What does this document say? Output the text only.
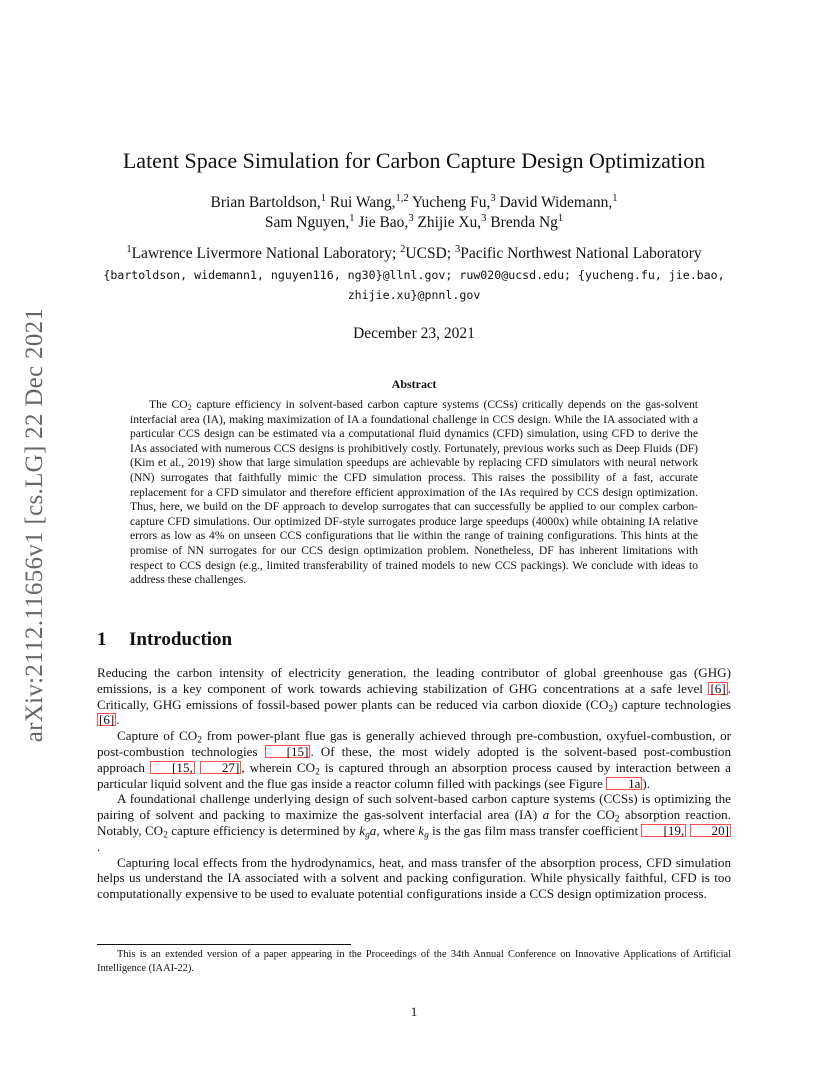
arXiv:2112.11656v1 [cs.LG] 22 Dec 2021
Latent Space Simulation for Carbon Capture Design Optimization
Brian Bartoldson,$^1$ Rui Wang,$^{1,2}$ Yucheng Fu,$^3$ David Widemann,$^1$
Sam Nguyen,$^1$ Jie Bao,$^3$ Zhijie Xu,$^3$ Brenda Ng$^1$
$^1$Lawrence Livermore National Laboratory; $^2$UCSD; $^3$Pacific Northwest National Laboratory
{bartoldson, widemann1, nguyen116, ng30}@llnl.gov; ruw020@ucsd.edu; {yucheng.fu, jie.bao,
zhijie.xu}@pnnl.gov
December 23, 2021
Abstract
The $CO_2$ capture efficiency in solvent-based carbon capture systems (CCSs) critically depends on the gas-solvent interfacial area (IA), making maximization of IA a foundational challenge in CCS design. While the IA associated with a particular CCS design can be estimated via a computational fluid dynamics (CFD) simulation, using CFD to derive the IAs associated with numerous CCS designs is prohibitively costly. Fortunately, previous works such as Deep Fluids (DF) (Kim et al., 2019) show that large simulation speedups are achievable by replacing CFD simulators with neural network (NN) surrogates that faithfully mimic the CFD simulation process. This raises the possibility of a fast, accurate replacement for a CFD simulator and therefore efficient approximation of the IAs required by CCS design optimization. Thus, here, we build on the DF approach to develop surrogates that can successfully be applied to our complex carbon-capture CFD simulations. Our optimized DF-style surrogates produce large speedups (4000x) while obtaining IA relative errors as low as 4% on unseen CCS configurations that lie within the range of training configurations. This hints at the promise of NN surrogates for our CCS design optimization problem. Nonetheless, DF has inherent limitations with respect to CCS design (e.g., limited transferability of trained models to new CCS packings). We conclude with ideas to address these challenges.
1 Introduction

Reducing the carbon intensity of electricity generation, the leading contributor of global greenhouse gas (GHG) emissions, is a key component of work towards achieving stabilization of GHG concentrations at a safe level [6] . Critically, GHG emissions of fossil-based power plants can be reduced via carbon dioxide $(CO_2)$ capture technologies [6] .

Capture of $CO_2$ from power-plant flue gas is generally achieved through pre-combustion, oxyfuel-combustion, or post-combustion technologies [15] . Of these, the most widely adopted is the solvent-based post-combustion approach [15, 27] , wherein $CO_2$ is captured through an absorption process caused by interaction between a particular liquid solvent and the flue gas inside a reactor column filled with packings (see Figure 1a ).

A foundational challenge underlying design of such solvent-based carbon capture systems (CCSs) is optimizing the pairing of solvent and packing to maximize the gas-solvent interfacial area (IA) a for the $CO_2$ absorption reaction. Notably, $CO_2$ capture efficiency is determined by $k_ga$, where $k_g$ is the gas film mass transfer coefficient [19, 20].

Capturing local effects from the hydrodynamics, heat, and mass transfer of the absorption process, CFD simulation helps us understand the IA associated with a solvent and packing configuration. While physically faithful, CFD is too computationally expensive to be used to evaluate potential configurations inside a CCS design optimization process.

This is an extended version of a paper appearing in the Proceedings of the 34th Annual Conference on Innovative Applications of Artificial Intelligence (IAAI-22).
1
